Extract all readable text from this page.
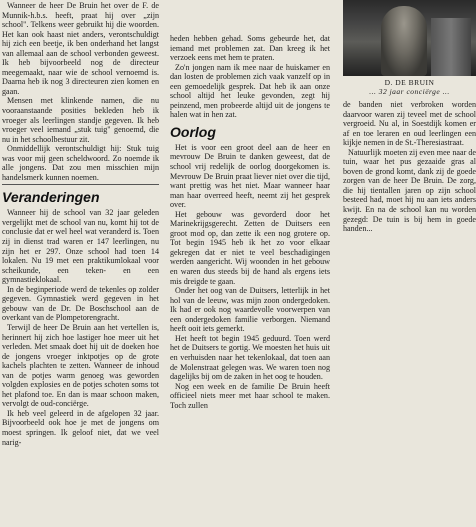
D. DE BRUIN
... 32 jaar conciërge ...

Wanneer de heer De Bruin het over de F. de Munnik-h.b.s. heeft, praat hij over „zijn school". Telkens weer gebruikt hij die woorden. Het kan ook haast niet anders, verontschuldigt hij zich een beetje, ik ben onderhand het langst van allemaal aan de school verbonden geweest. Ik heb bijvoorbeeld nog de directeur meegemaakt, naar wie de school vernoemd is. Daarna heb ik nog 3 directeuren zien komen en gaan.

Mensen met klinkende namen, die nu vooraanstaande posities bekleden heb ik vroeger als leerlingen standje gegeven. Ik heb vroeger veel iemand „stuk tuig" genoemd, die nu in het schoolbestuur zit.

Onmiddellijk verontschuldigt hij: Stuk tuig was voor mij geen scheldwoord. Zo noemde ik alle jongens. Dat zou men misschien mijn handelsmerk kunnen noemen.

Veranderingen

Wanneer hij de school van 32 jaar geleden vergelijkt met de school van nu, komt hij tot de conclusie dat er wel heel wat veranderd is. Toen zij in dienst trad waren er 147 leerlingen, nu zijn het er 297. Onze school had toen 14 lokalen. Nu 19 met een praktikumlokaal voor scheikunde, een teken- en een gymnastieklokaal.

In de beginperiode werd de tekenles op zolder gegeven. Gymnastiek werd gegeven in het gebouw van de Dr. De Boschschool aan de overkant van de Plompetorengracht.

Terwijl de heer De Bruin aan het vertellen is, herinnert hij zich hoe lastiger hoe meer uit het verleden. Met smaak doet hij uit de doeken hoe de jongens vroeger inktpotjes op de grote kachels plachten te zetten. Wanneer de inhoud van de potjes warm genoeg was geworden volgden explosies en de potjes schoten soms tot het plafond toe. En dan is maar schoon maken, vervolgt de oud-conciërge.

Ik heb veel geleerd in de afgelopen 32 jaar. Bijvoorbeeld ook hoe je met de jongens om moest springen. Ik geloof niet, dat we veel narig-

heden hebben gehad. Soms gebeurde het, dat iemand met problemen zat. Dan kreeg ik het verzoek eens met hem te praten.

Zo'n jongen nam ik mee naar de huiskamer en dan losten de problemen zich vaak vanzelf op in een gemoedelijk gesprek. Dat heb ik aan onze school altijd het leuke gevonden, zegt hij peinzend, men probeerde altijd uit de jongens te halen wat in hen zat.

Oorlog

Het is voor een groot deel aan de heer en mevrouw De Bruin te danken geweest, dat de school vrij redelijk de oorlog doorgekomen is. Mevrouw De Bruin praat liever niet over die tijd, want prettig was het niet. Maar wanneer haar man haar overreed heeft, neemt zij het gesprek over.

Het gebouw was gevorderd door het Marinekrijgsgerecht. Zetten de Duitsers een groot mod op, dan zette ik een nog grotere op. Tot begin 1945 heb ik het zo voor elkaar gekregen dat er niet te veel beschadigingen werden aangericht. Wij woonden in het gebouw en waren dus steeds bij de hand als ergens iets mis dreigde te gaan.

Onder het oog van de Duitsers, letterlijk in het hol van de leeuw, was mijn zoon ondergedoken. Ik had er ook nog waardevolle voorwerpen van een ondergedoken familie verborgen. Niemand heeft ooit iets gemerkt.

Het heeft tot begin 1945 geduurd. Toen werd het de Duitsers te gortig. We moesten het huis uit en verhuisden naar het tekenlokaal, dat toen aan de Molenstraat gelegen was. We waren toen nog dagelijks bij om de zaken in het oog te houden.

Nog een week en de familie De Bruin heeft officieel niets meer met haar school te maken. Toch zullen

de banden niet verbroken worden daarvoor waren zij teveel met de school vergroeid. Nu al, in Soestdijk komen er af en toe leraren en oud leerlingen een kijkje nemen in de St.-Theresiastraat.

Natuurlijk moeten zij even mee naar de tuin, waar het pus gezaaide gras al boven de grond komt, dank zij de goede zorgen van de heer De Bruin. De zorg, die hij tientallen jaren op zijn school besteed had, moet hij nu aan iets anders kwijt. En na de school kan nu worden gezegd: De tuin is bij hem in goede handen...
